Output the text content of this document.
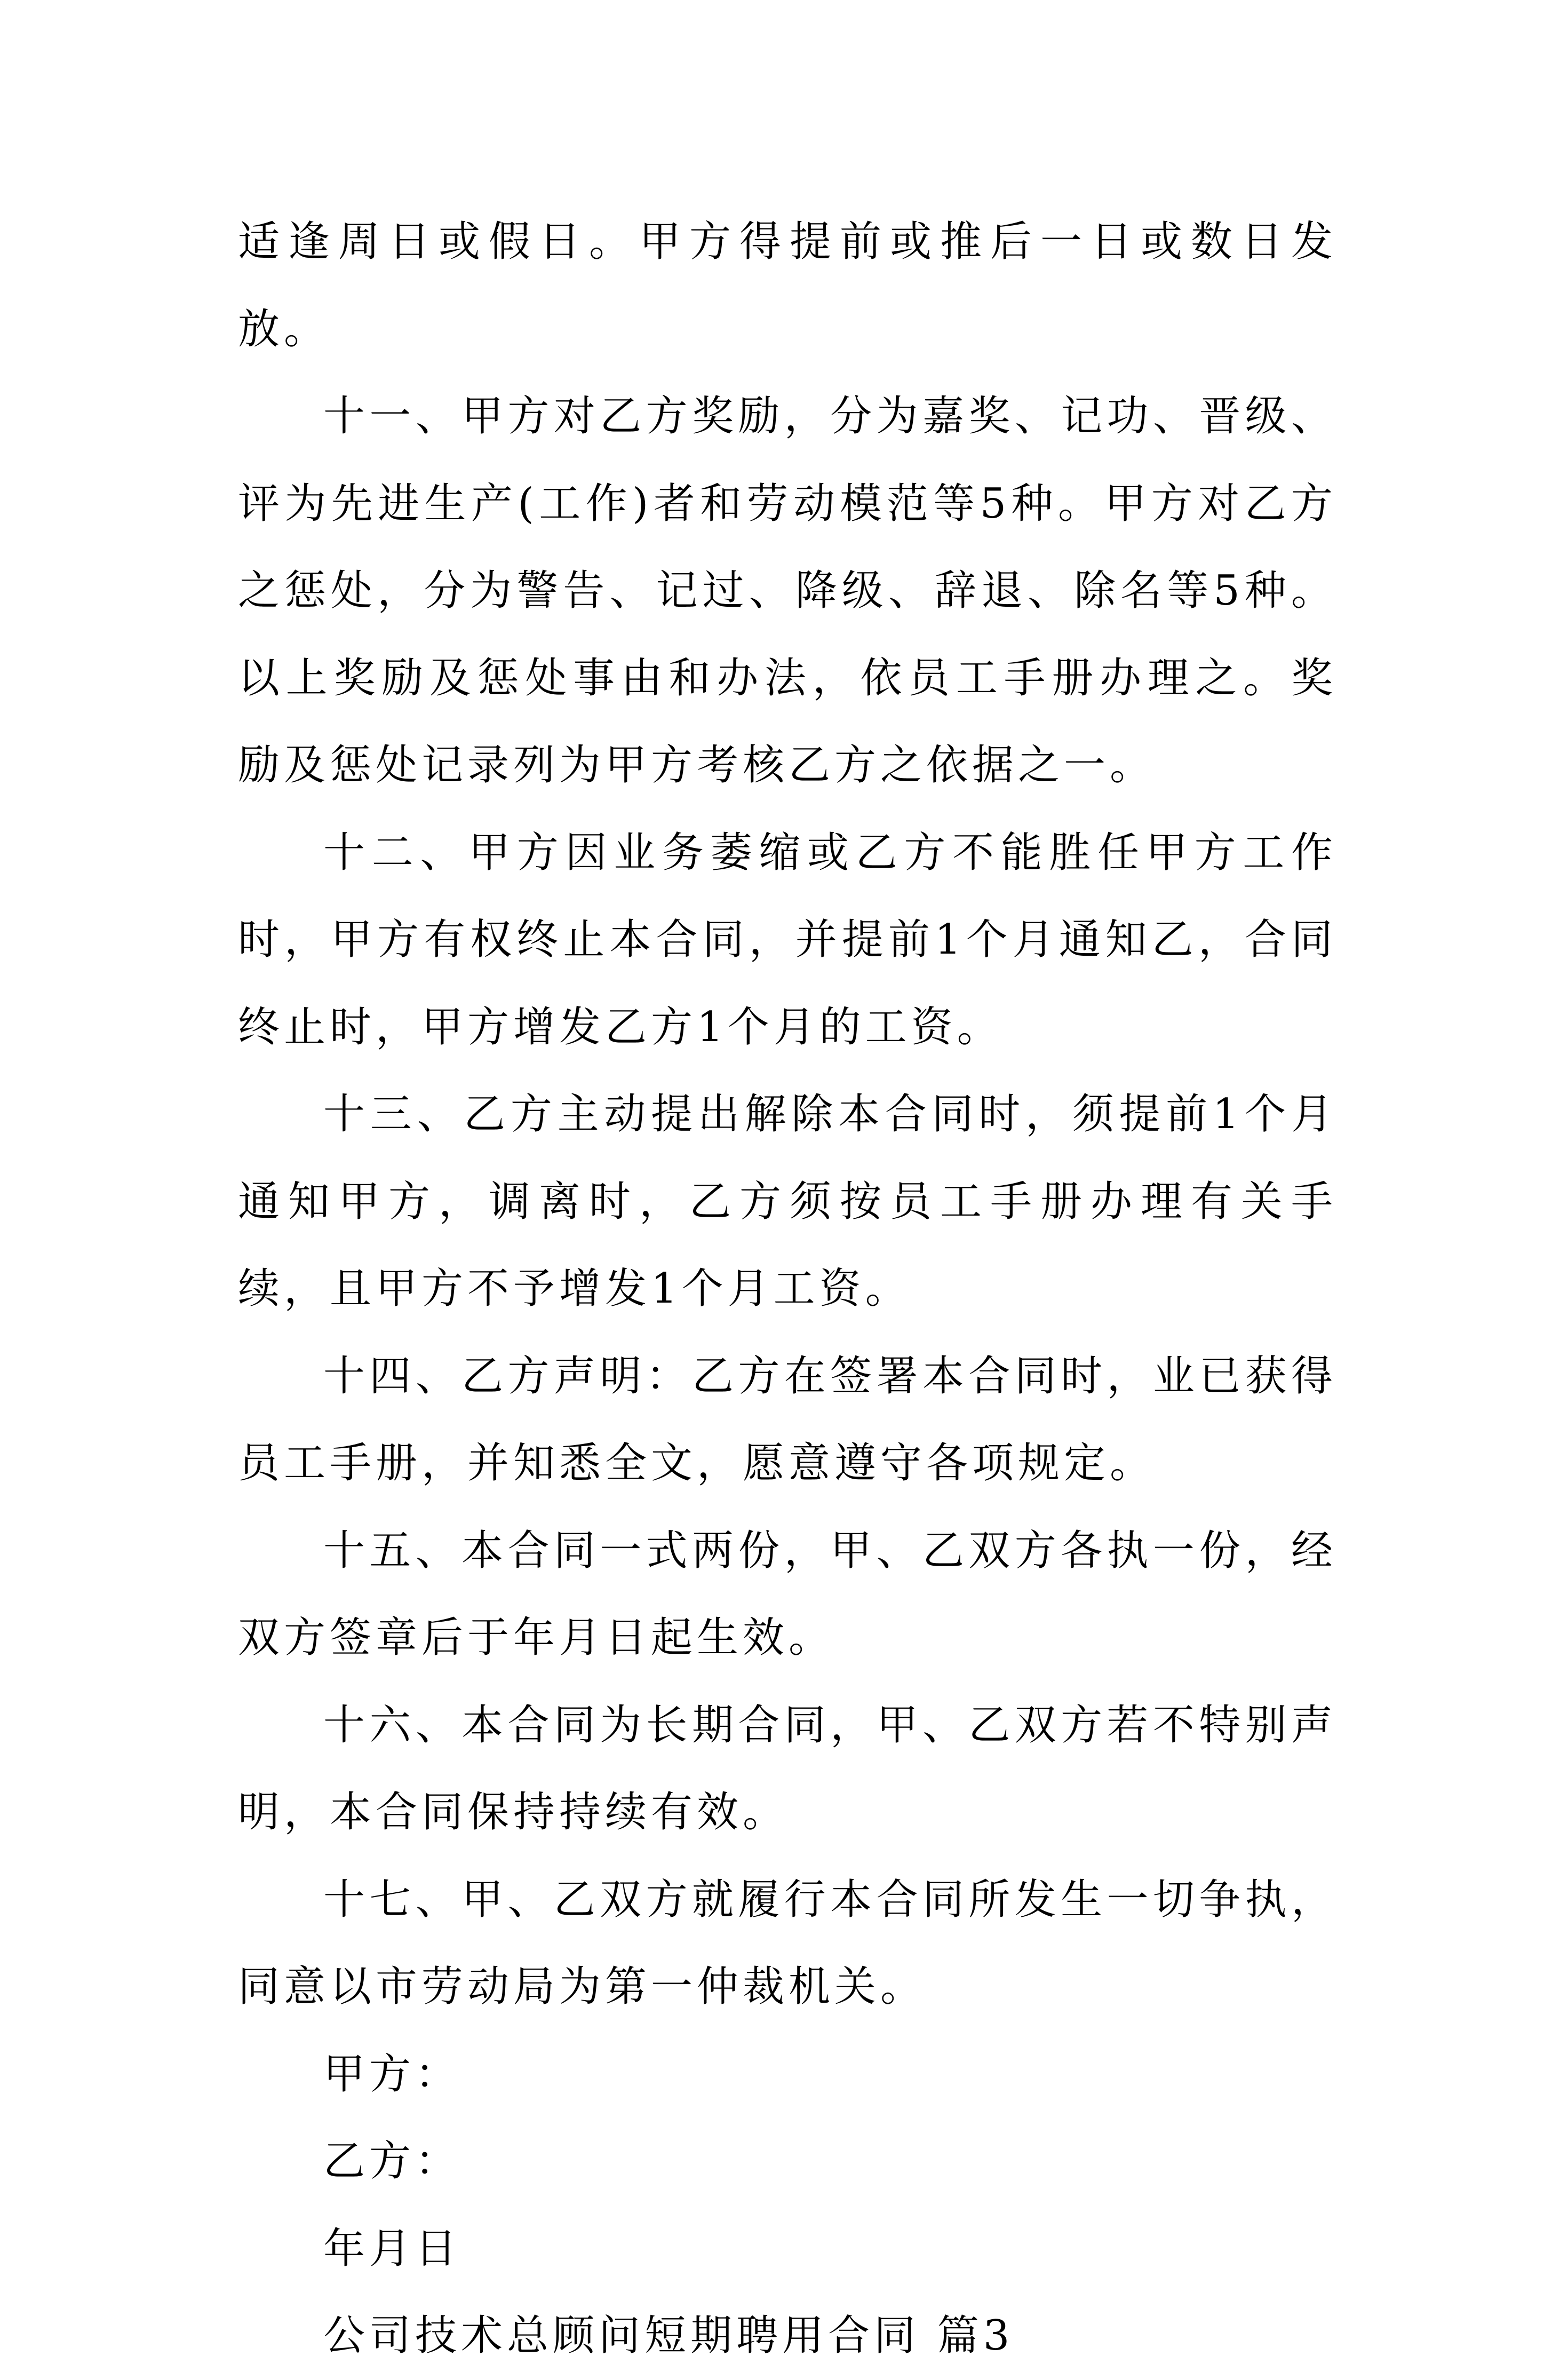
适逢周日或假日。甲方得提前或推后一日或数日发放。

十一、甲方对乙方奖励，分为嘉奖、记功、晋级、评为先进生产(工作)者和劳动模范等5种。甲方对乙方之惩处，分为警告、记过、降级、辞退、除名等5种。以上奖励及惩处事由和办法，依员工手册办理之。奖励及惩处记录列为甲方考核乙方之依据之一。

十二、甲方因业务萎缩或乙方不能胜任甲方工作时，甲方有权终止本合同，并提前1个月通知乙，合同终止时，甲方增发乙方1个月的工资。

十三、乙方主动提出解除本合同时，须提前1个月通知甲方，调离时，乙方须按员工手册办理有关手续，且甲方不予增发1个月工资。

十四、乙方声明：乙方在签署本合同时，业已获得员工手册，并知悉全文，愿意遵守各项规定。

十五、本合同一式两份，甲、乙双方各执一份，经双方签章后于年月日起生效。

十六、本合同为长期合同，甲、乙双方若不特别声明，本合同保持持续有效。

十七、甲、乙双方就履行本合同所发生一切争执，同意以市劳动局为第一仲裁机关。

甲方：

乙方：

年月日

公司技术总顾问短期聘用合同 篇3
